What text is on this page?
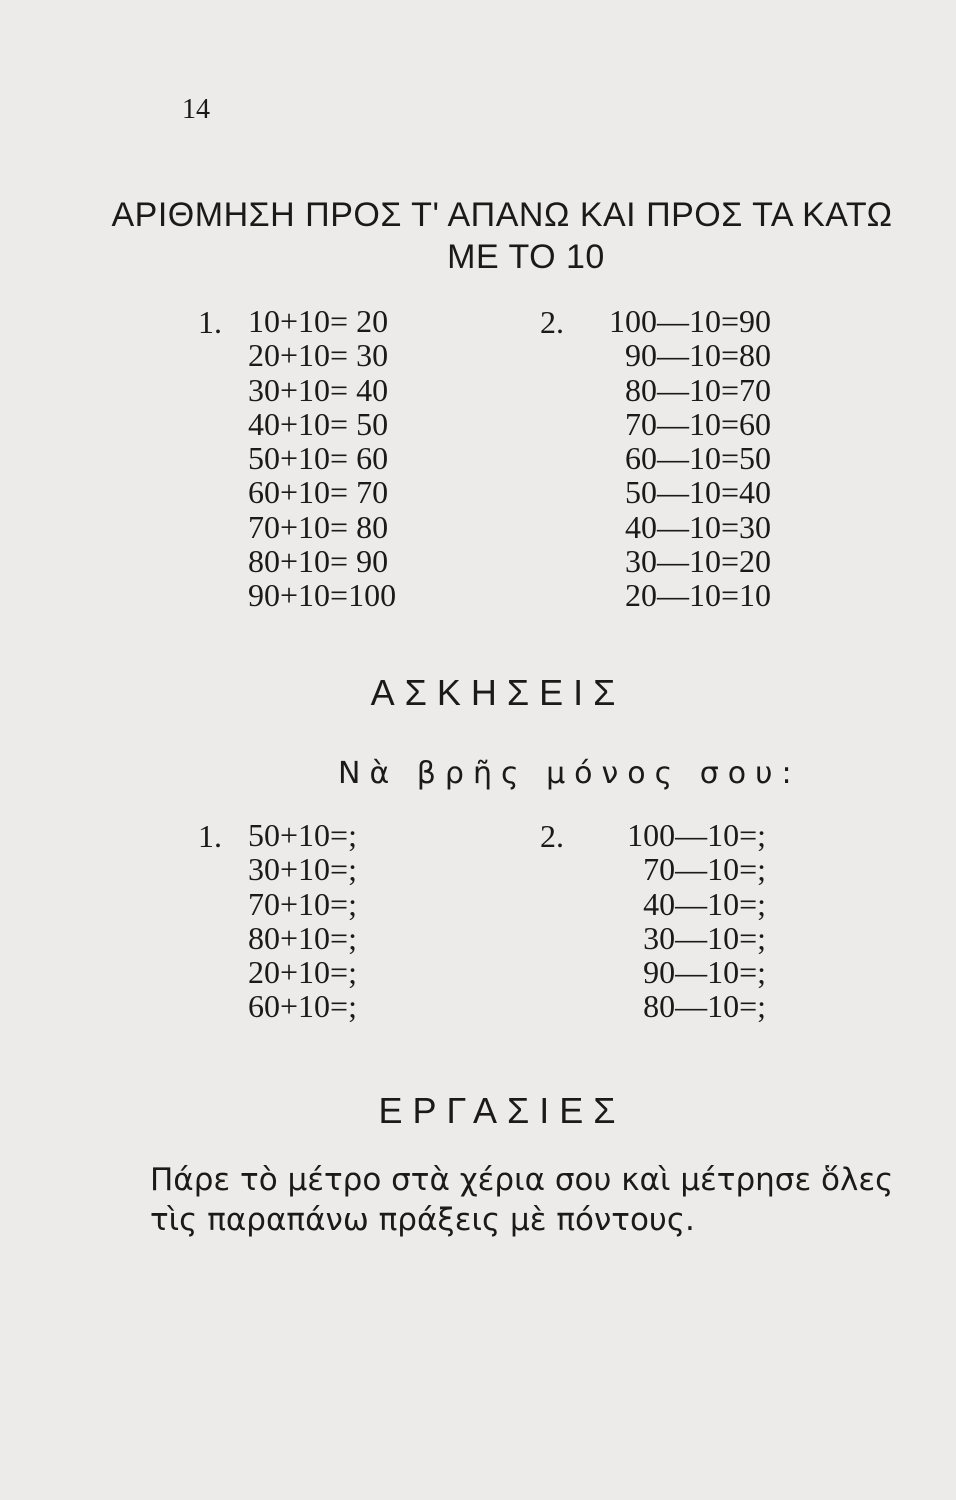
14
ΑΡΙΘΜΗΣΗ ΠΡΟΣ Τ' ΑΠΑΝΩ ΚΑΙ ΠΡΟΣ ΤΑ ΚΑΤΩ
ΜΕ ΤΟ 10
1. 10+10= 20
20+10= 30
30+10= 40
40+10= 50
50+10= 60
60+10= 70
70+10= 80
80+10= 90
90+10=100
2. 100—10=90
90—10=80
80—10=70
70—10=60
60—10=50
50—10=40
40—10=30
30—10=20
20—10=10
ΑΣΚΗΣΕΙΣ
Νὰ βρῆς μόνος σου:
1. 50+10=;
30+10=;
70+10=;
80+10=;
20+10=;
60+10=;
2. 100—10=;
70—10=;
40—10=;
30—10=;
90—10=;
80—10=;
ΕΡΓΑΣΙΕΣ
Πάρε τὸ μέτρο στὰ χέρια σου καὶ μέτρησε ὅλες τὶς παραπάνω πράξεις μὲ πόντους.
